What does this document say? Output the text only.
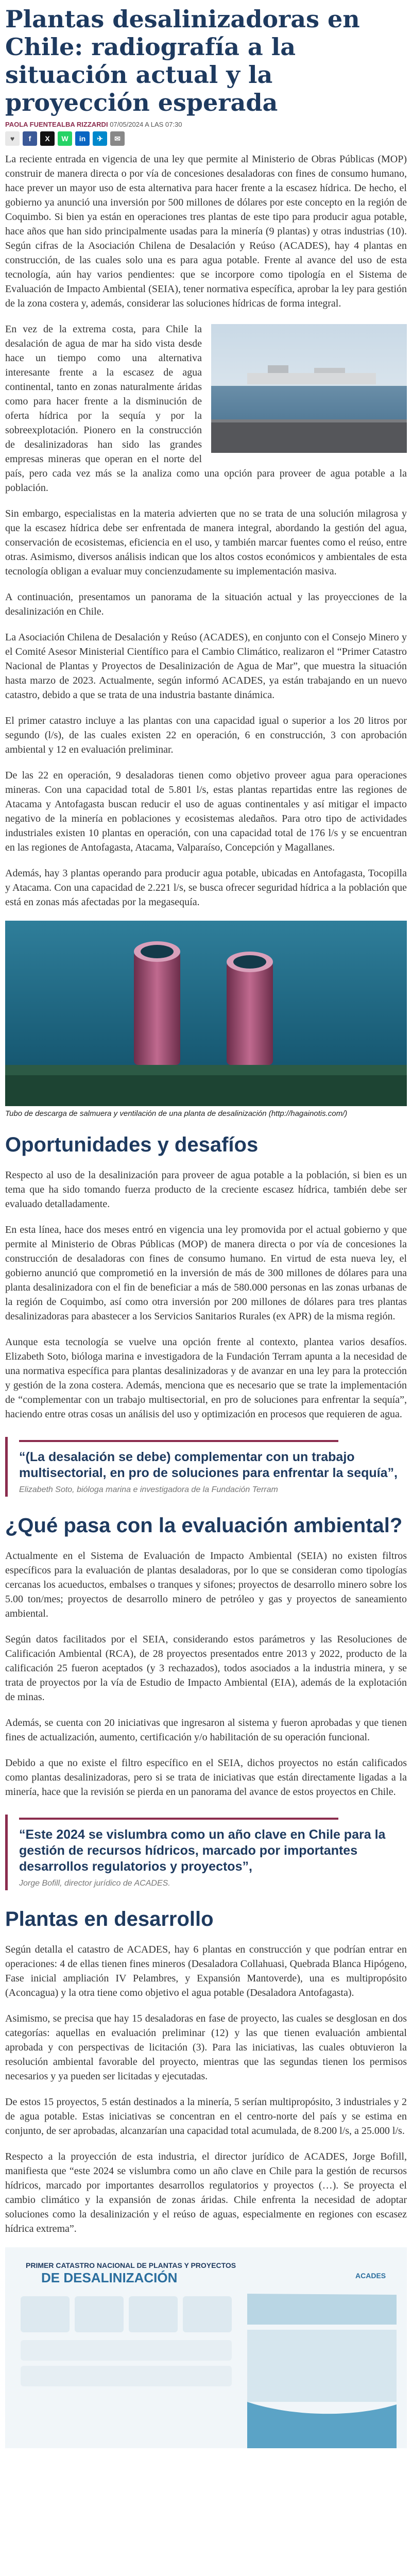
Plantas desalinizadoras en Chile: radiografía a la situación actual y la proyección esperada
PAOLA FUENTEALBA RIZZARDI 07/05/2024 A LAS 07:30
♥	f	X	W	in	✈	✉

La reciente entrada en vigencia de una ley que permite al Ministerio de Obras Públicas (MOP) construir de manera directa o por vía de concesiones desaladoras con fines de consumo humano, hace prever un mayor uso de esta alternativa para hacer frente a la escasez hídrica. De hecho, el gobierno ya anunció una inversión por 500 millones de dólares por este concepto en la región de Coquimbo. Si bien ya están en operaciones tres plantas de este tipo para producir agua potable, hace años que han sido principalmente usadas para la minería (9 plantas) y otras industrias (10). Según cifras de la Asociación Chilena de Desalación y Reúso (ACADES), hay 4 plantas en construcción, de las cuales solo una es para agua potable. Frente al avance del uso de esta tecnología, aún hay varios pendientes: que se incorpore como tipología en el Sistema de Evaluación de Impacto Ambiental (SEIA), tener normativa específica, aprobar la ley para gestión de la zona costera y, además, considerar las soluciones hídricas de forma integral.

En vez de la extrema costa, para Chile la desalación de agua de mar ha sido vista desde hace un tiempo como una alternativa interesante frente a la escasez de agua continental, tanto en zonas naturalmente áridas como para hacer frente a la disminución de oferta hídrica por la sequía y por la sobreexplotación. Pionero en la construcción de desalinizadoras han sido las grandes empresas mineras que operan en el norte del país, pero cada vez más se la analiza como una opción para proveer de agua potable a la población.

Sin embargo, especialistas en la materia advierten que no se trata de una solución milagrosa y que la escasez hídrica debe ser enfrentada de manera integral, abordando la gestión del agua, conservación de ecosistemas, eficiencia en el uso, y también marcar fuentes como el reúso, entre otras. Asimismo, diversos análisis indican que los altos costos económicos y ambientales de esta tecnología obligan a evaluar muy concienzudamente su implementación masiva.

A continuación, presentamos un panorama de la situación actual y las proyecciones de la desalinización en Chile.

La Asociación Chilena de Desalación y Reúso (ACADES), en conjunto con el Consejo Minero y el Comité Asesor Ministerial Científico para el Cambio Climático, realizaron el “Primer Catastro Nacional de Plantas y Proyectos de Desalinización de Agua de Mar”, que muestra la situación hasta marzo de 2023. Actualmente, según informó ACADES, ya están trabajando en un nuevo catastro, debido a que se trata de una industria bastante dinámica.

El primer catastro incluye a las plantas con una capacidad igual o superior a los 20 litros por segundo (l/s), de las cuales existen 22 en operación, 6 en construcción, 3 con aprobación ambiental y 12 en evaluación preliminar.

De las 22 en operación, 9 desaladoras tienen como objetivo proveer agua para operaciones mineras. Con una capacidad total de 5.801 l/s, estas plantas repartidas entre las regiones de Atacama y Antofagasta buscan reducir el uso de aguas continentales y así mitigar el impacto negativo de la minería en poblaciones y ecosistemas aledaños. Para otro tipo de actividades industriales existen 10 plantas en operación, con una capacidad total de 176 l/s y se encuentran en las regiones de Antofagasta, Atacama, Valparaíso, Concepción y Magallanes.

Además, hay 3 plantas operando para producir agua potable, ubicadas en Antofagasta, Tocopilla y Atacama. Con una capacidad de 2.221 l/s, se busca ofrecer seguridad hídrica a la población que está en zonas más afectadas por la megasequía.

Tubo de descarga de salmuera y ventilación de una planta de desalinización (http://hagainotis.com/)
Oportunidades y desafíos

Respecto al uso de la desalinización para proveer de agua potable a la población, si bien es un tema que ha sido tomando fuerza producto de la creciente escasez hídrica, también debe ser evaluado detalladamente.

En esta línea, hace dos meses entró en vigencia una ley promovida por el actual gobierno y que permite al Ministerio de Obras Públicas (MOP) de manera directa o por vía de concesiones la construcción de desaladoras con fines de consumo humano. En virtud de esta nueva ley, el gobierno anunció que comprometió en la inversión de más de 300 millones de dólares para una planta desalinizadora con el fin de beneficiar a más de 580.000 personas en las zonas urbanas de la región de Coquimbo, así como otra inversión por 200 millones de dólares para tres plantas desalinizadoras para abastecer a los Servicios Sanitarios Rurales (ex APR) de la misma región.

Aunque esta tecnología se vuelve una opción frente al contexto, plantea varios desafíos. Elizabeth Soto, bióloga marina e investigadora de la Fundación Terram apunta a la necesidad de una normativa específica para plantas desalinizadoras y de avanzar en una ley para la protección y gestión de la zona costera. Además, menciona que es necesario que se trate la implementación de “complementar con un trabajo multisectorial, en pro de soluciones para enfrentar la sequía”, haciendo entre otras cosas un análisis del uso y optimización en procesos que requieren de agua.

“(La desalación se debe) complementar con un trabajo multisectorial, en pro de soluciones para enfrentar la sequía”,
Elizabeth Soto, bióloga marina e investigadora de la Fundación Terram
¿Qué pasa con la evaluación ambiental?

Actualmente en el Sistema de Evaluación de Impacto Ambiental (SEIA) no existen filtros específicos para la evaluación de plantas desaladoras, por lo que se consideran como tipologías cercanas los acueductos, embalses o tranques y sifones; proyectos de desarrollo minero sobre los 5.00 ton/mes; proyectos de desarrollo minero de petróleo y gas y proyectos de saneamiento ambiental.

Según datos facilitados por el SEIA, considerando estos parámetros y las Resoluciones de Calificación Ambiental (RCA), de 28 proyectos presentados entre 2013 y 2022, producto de la calificación 25 fueron aceptados (y 3 rechazados), todos asociados a la industria minera, y se trata de proyectos por la vía de Estudio de Impacto Ambiental (EIA), además de la explotación de minas.

Además, se cuenta con 20 iniciativas que ingresaron al sistema y fueron aprobadas y que tienen fines de actualización, aumento, certificación y/o habilitación de su operación funcional.

Debido a que no existe el filtro específico en el SEIA, dichos proyectos no están calificados como plantas desalinizadoras, pero si se trata de iniciativas que están directamente ligadas a la minería, hace que la revisión se pierda en un panorama del avance de estos proyectos en Chile.

“Este 2024 se vislumbra como un año clave en Chile para la gestión de recursos hídricos, marcado por importantes desarrollos regulatorios y proyectos”,
Jorge Bofill, director jurídico de ACADES.
Plantas en desarrollo

Según detalla el catastro de ACADES, hay 6 plantas en construcción y que podrían entrar en operaciones: 4 de ellas tienen fines mineros (Desaladora Collahuasi, Quebrada Blanca Hipógeno, Fase inicial ampliación IV Pelambres, y Expansión Mantoverde), una es multipropósito (Aconcagua) y la otra tiene como objetivo el agua potable (Desaladora Antofagasta).

Asimismo, se precisa que hay 15 desaladoras en fase de proyecto, las cuales se desglosan en dos categorías: aquellas en evaluación preliminar (12) y las que tienen evaluación ambiental aprobada y con perspectivas de licitación (3). Para las iniciativas, las cuales obtuvieron la resolución ambiental favorable del proyecto, mientras que las segundas tienen los permisos necesarios y ya pueden ser licitadas y ejecutadas.

De estos 15 proyectos, 5 están destinados a la minería, 5 serían multipropósito, 3 industriales y 2 de agua potable. Estas iniciativas se concentran en el centro-norte del país y se estima en conjunto, de ser aprobadas, alcanzarían una capacidad total acumulada, de 8.200 l/s, a 25.000 l/s.

Respecto a la proyección de esta industria, el director jurídico de ACADES, Jorge Bofill, manifiesta que “este 2024 se vislumbra como un año clave en Chile para la gestión de recursos hídricos, marcado por importantes desarrollos regulatorios y proyectos (…). Se proyecta el cambio climático y la expansión de zonas áridas. Chile enfrenta la necesidad de adoptar soluciones como la desalinización y el reúso de aguas, especialmente en regiones con escasez hídrica extrema”.

PRIMER CATASTRO NACIONAL DE PLANTAS Y PROYECTOS
DE DESALINIZACIÓN	ACADES
